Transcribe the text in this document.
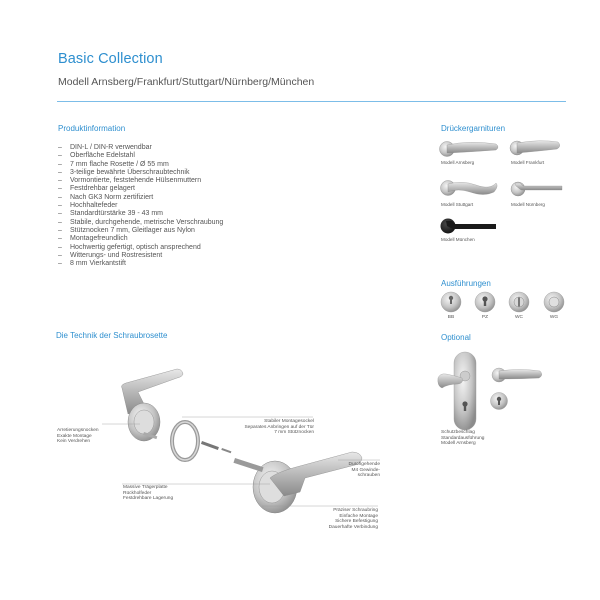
Basic Collection
Modell Arnsberg/Frankfurt/Stuttgart/Nürnberg/München
Produktinformation
– DIN-L / DIN-R verwendbar
– Oberfläche Edelstahl
– 7 mm flache Rosette / Ø 55 mm
– 3-teilige bewährte Überschraubtechnik
– Vormontierte, feststehende Hülsenmuttern
– Festdrehbar gelagert
– Nach GK3 Norm zertifiziert
– Hochhaltefeder
– Standardtürstärke 39 - 43 mm
– Stabile, durchgehende, metrische Verschraubung
– Stütznocken 7 mm, Gleitlager aus Nylon
– Montagefreundlich
– Hochwertig gefertigt, optisch ansprechend
– Witterungs- und Rostresistent
– 8 mm Vierkantstift
Drückergarnituren
Modell Arnsberg	Modell Frankfurt
Modell Stuttgart	Modell Nürnberg
Modell München
Ausführungen
BB	PZ	WC	WG
Optional
Schutzbeschlag
Standardausführung
Modell Arnsberg
Die Technik der Schraubrosette
Arretierungsnocken
Exakte Montage
Kein Verdrehen
Stabiler Montagesockel
Separates Anbringen auf der Tür
7 mm Stütznocken
Durchgehende
M4 Gewinde-
schrauben
Massive Trägerplatte
Rückholfeder
Festdrehbare Lagerung
Präziser Schraubring
Einfache Montage
Sichere Befestigung
Dauerhafte Verbindung
